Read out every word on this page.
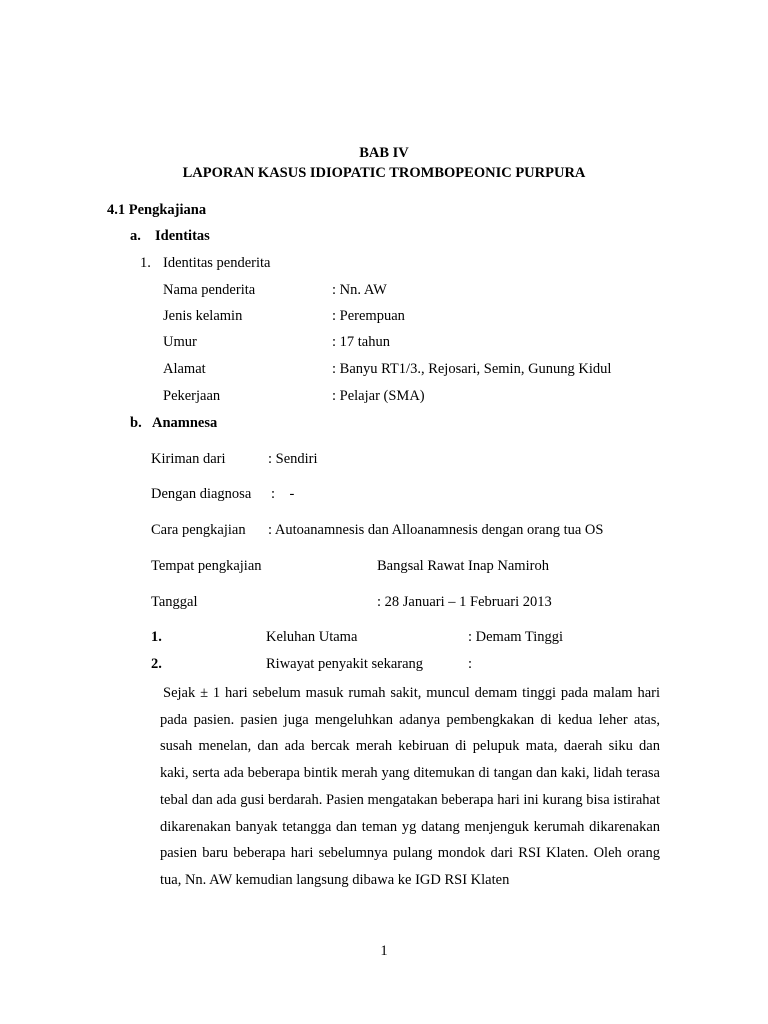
BAB IV
LAPORAN KASUS IDIOPATIC TROMBOPEONIC PURPURA
4.1 Pengkajiana
a. Identitas
1. Identitas penderita
Nama penderita	: Nn. AW
Jenis kelamin	: Perempuan
Umur	: 17 tahun
Alamat	: Banyu RT1/3., Rejosari, Semin, Gunung Kidul
Pekerjaan	: Pelajar (SMA)
b. Anamnesa
Kiriman dari	: Sendiri
Dengan diagnosa :    -
Cara pengkajian : Autoanamnesis dan Alloanamnesis dengan orang tua OS
Tempat pengkajian	Bangsal Rawat Inap Namiroh
Tanggal	: 28 Januari – 1 Februari 2013
1.	Keluhan Utama	: Demam Tinggi
2.	Riwayat penyakit sekarang	:
Sejak ± 1 hari sebelum masuk rumah sakit, muncul demam tinggi pada malam hari pada pasien. pasien juga mengeluhkan adanya pembengkakan di kedua leher atas, susah menelan, dan ada bercak merah kebiruan di pelupuk mata, daerah siku dan kaki, serta ada beberapa bintik merah yang ditemukan di tangan dan kaki, lidah terasa tebal dan ada gusi berdarah. Pasien mengatakan beberapa hari ini kurang bisa istirahat dikarenakan banyak tetangga dan teman yg datang menjenguk kerumah dikarenakan pasien baru beberapa hari sebelumnya pulang mondok dari RSI Klaten. Oleh orang tua, Nn. AW kemudian langsung dibawa ke IGD RSI Klaten
1
